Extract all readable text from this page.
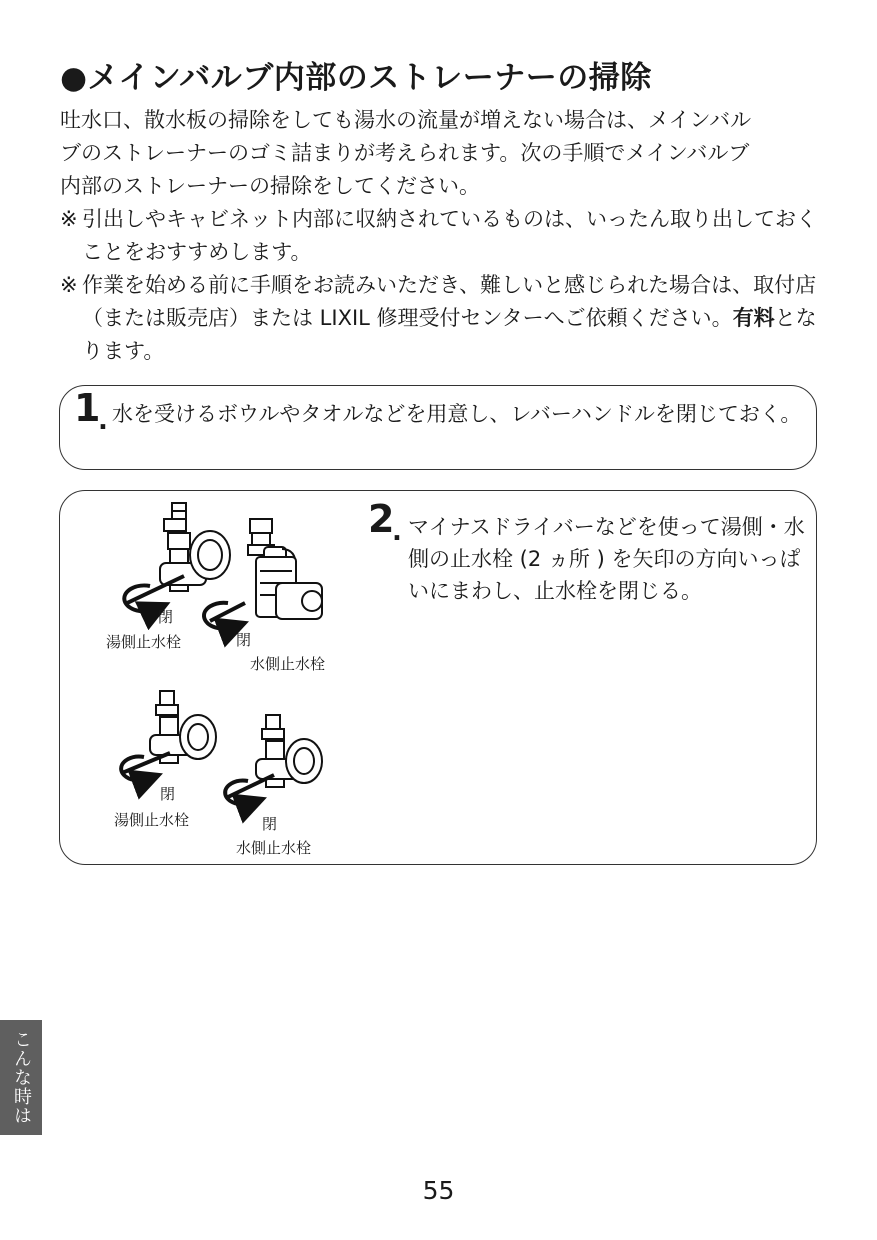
●メインバルブ内部のストレーナーの掃除

吐水口、散水板の掃除をしても湯水の流量が増えない場合は、メインバル

ブのストレーナーのゴミ詰まりが考えられます。次の手順でメインバルブ

内部のストレーナーの掃除をしてください。

※ 引出しやキャビネット内部に収納されているものは、いったん取り出しておくことをおすすめします。
※ 作業を始める前に手順をお読みいただき、難しいと感じられた場合は、取付店（または販売店）または LIXIL 修理受付センターへご依頼ください。有料となります。
1
. 水を受けるボウルやタオルなどを用意し、レバーハンドルを閉じておく。
閉
湯側止水栓	閉
水側止水栓
閉
湯側止水栓	閉
水側止水栓
2
. マイナスドライバーなどを使って湯側・水側の止水栓 (2 ヵ所 ) を矢印の方向いっぱいにまわし、止水栓を閉じる。
こんな時は
55
